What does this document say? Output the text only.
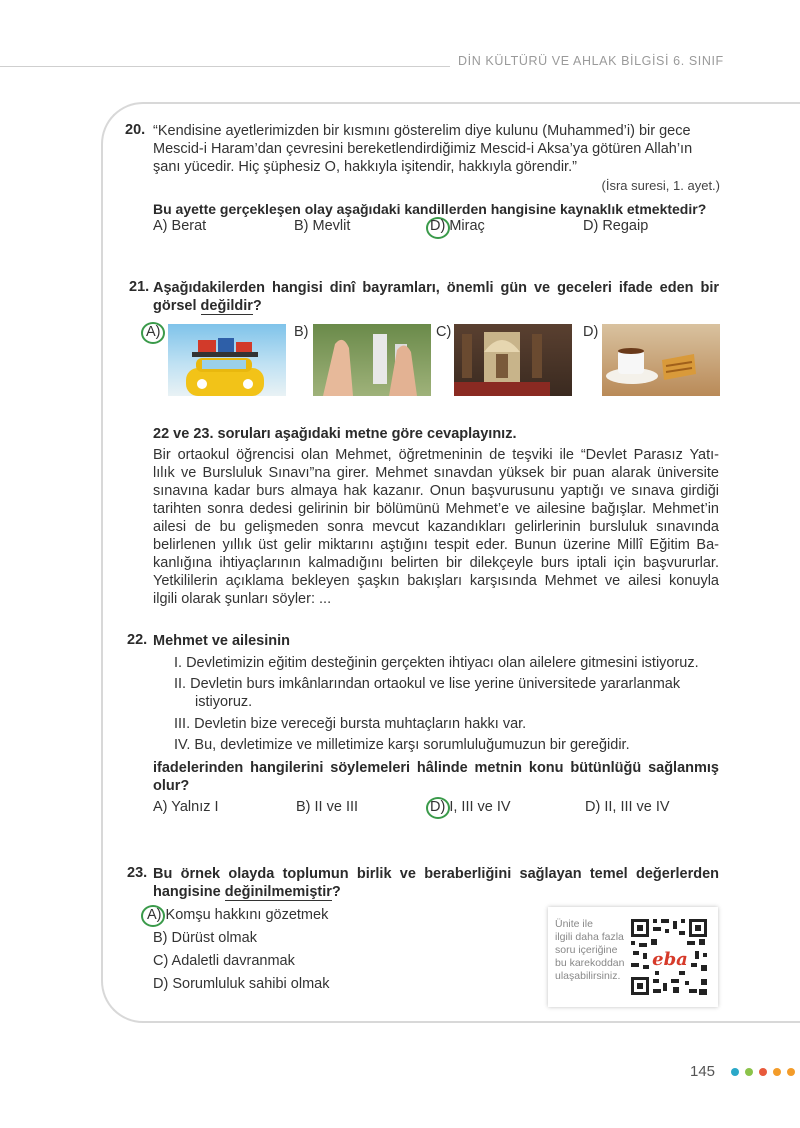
DİN KÜLTÜRÜ VE AHLAK BİLGİSİ 6. SINIF
20. “Kendisine ayetlerimizden bir kısmını gösterelim diye kulunu (Muhammed’i) bir gece
Mescid-i Haram’dan çevresini bereketlendirdiğimiz Mescid-i Aksa’ya götüren Allah’ın
şanı yücedir. Hiç şüphesiz O, hakkıyla işitendir, hakkıyla görendir.”
(İsra suresi, 1. ayet.)
Bu ayette gerçekleşen olay aşağıdaki kandillerden hangisine kaynaklık etmektedir?
A) Berat	B) Mevlit	D) Miraç	D) Regaip
21. Aşağıdakilerden hangisi dinî bayramları, önemli gün ve geceleri ifade eden bir
görsel değildir?
A)	B)	C)	D)
22 ve 23. soruları aşağıdaki metne göre cevaplayınız.
Bir ortaokul öğrencisi olan Mehmet, öğretmeninin de teşviki ile “Devlet Parasız Yatı-
lılık ve Bursluluk Sınavı”na girer. Mehmet sınavdan yüksek bir puan alarak üniversite
sınavına kadar burs almaya hak kazanır. Onun başvurusunu yaptığı ve sınava girdiği
tarihten sonra dedesi gelirinin bir bölümünü Mehmet’e ve ailesine bağışlar. Mehmet’in
ailesi de bu gelişmeden sonra mevcut kazandıkları gelirlerinin bursluluk sınavında
belirlenen yıllık üst gelir miktarını aştığını tespit eder. Bunun üzerine Millî Eğitim Ba-
kanlığına ihtiyaçlarının kalmadığını belirten bir dilekçeyle burs iptali için başvururlar.
Yetkililerin açıklama bekleyen şaşkın bakışları karşısında Mehmet ve ailesi konuyla
ilgili olarak şunları söyler: ...
22. Mehmet ve ailesinin
I. Devletimizin eğitim desteğinin gerçekten ihtiyacı olan ailelere gitmesini istiyoruz.
II. Devletin burs imkânlarından ortaokul ve lise yerine üniversitede yararlanmak
istiyoruz.
III. Devletin bize vereceği bursta muhtaçların hakkı var.
IV. Bu, devletimize ve milletimize karşı sorumluluğumuzun bir gereğidir.
ifadelerinden hangilerini söylemeleri hâlinde metnin konu bütünlüğü sağlanmış
olur?
A) Yalnız I	B) II ve III	D) I, III ve IV	D) II, III ve IV
23. Bu örnek olayda toplumun birlik ve beraberliğini sağlayan temel değerlerden
hangisine değinilmemiştir?
A) Komşu hakkını gözetmek
B) Dürüst olmak
C) Adaletli davranmak
D) Sorumluluk sahibi olmak
Ünite ile
ilgili daha fazla
soru içeriğine
bu karekoddan
ulaşabilirsiniz.
eba
145
